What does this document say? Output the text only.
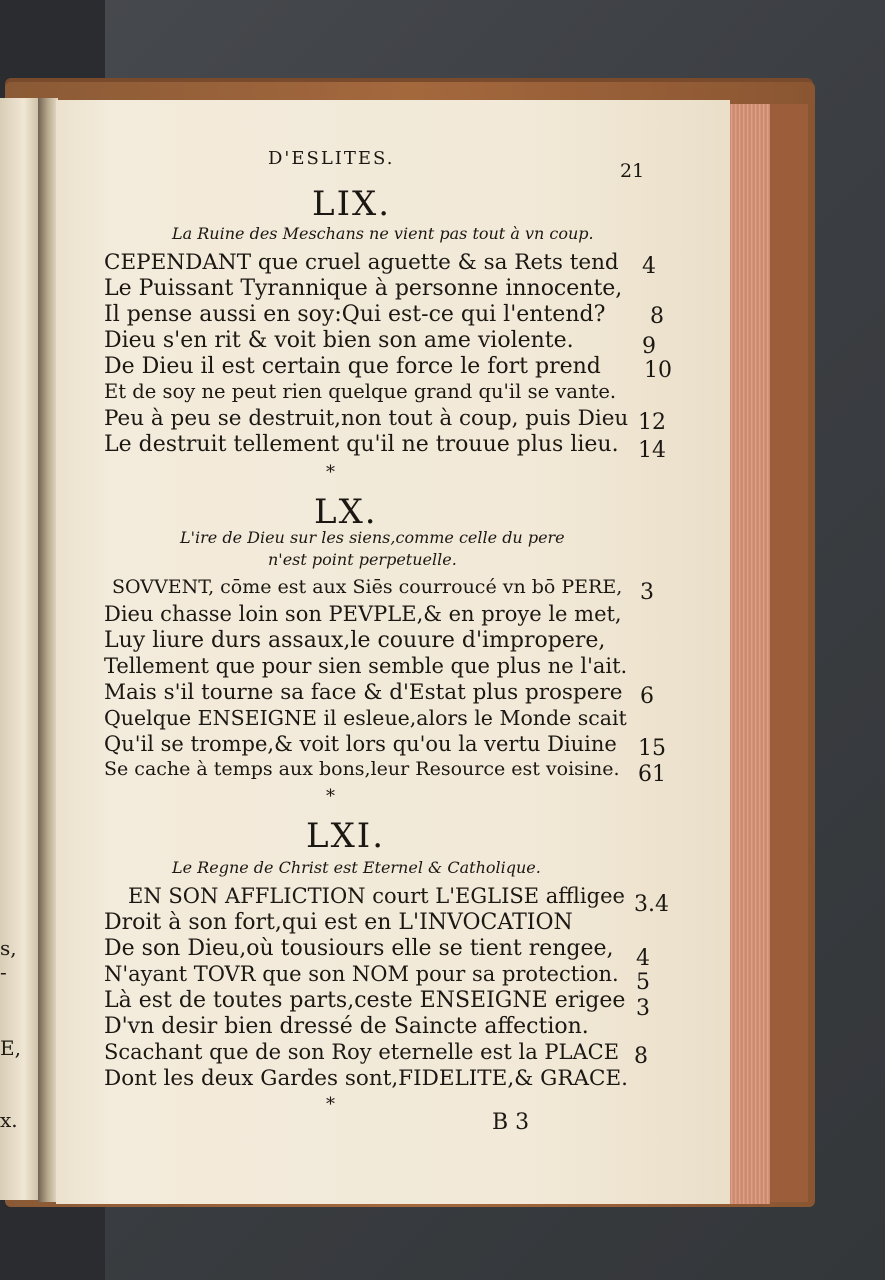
s,
-
E,
x.
D'ESLITES.
21
LIX.
La Ruine des Meschans ne vient pas tout à vn coup.
CEPENDANT que cruel aguette & sa Rets tend 4
Le Puissant Tyrannique à personne innocente,
Il pense aussi en soy:Qui est-ce qui l'entend? 8
Dieu s'en rit & voit bien son ame violente.	9
De Dieu il est certain que force le fort prend 10
Et de soy ne peut rien quelque grand qu'il se vante.
Peu à peu se destruit,non tout à coup, puis Dieu 12
Le destruit tellement qu'il ne trouue plus lieu. 14
*
LX.
L'ire de Dieu sur les siens,comme celle du pere
n'est point perpetuelle.
SOVVENT, cōme est aux Siēs courroucé vn bō PERE, 3
Dieu chasse loin son PEVPLE,& en proye le met,
Luy liure durs assaux,le couure d'impropere,
Tellement que pour sien semble que plus ne l'ait.
Mais s'il tourne sa face & d'Estat plus prospere 6
Quelque ENSEIGNE il esleue,alors le Monde scait
Qu'il se trompe,& voit lors qu'ou la vertu Diuine 15
Se cache à temps aux bons,leur Resource est voisine. 61
*
LXI.
Le Regne de Christ est Eternel & Catholique.
EN SON AFFLICTION court L'EGLISE affligee 3.4
Droit à son fort,qui est en L'INVOCATION
De son Dieu,où tousiours elle se tient rengee, 4
N'ayant TOVR que son NOM pour sa protection. 5
Là est de toutes parts,ceste ENSEIGNE erigee 3
D'vn desir bien dressé de Saincte affection.
Scachant que de son Roy eternelle est la PLACE 8
Dont les deux Gardes sont,FIDELITE,& GRACE.
*
B 3
